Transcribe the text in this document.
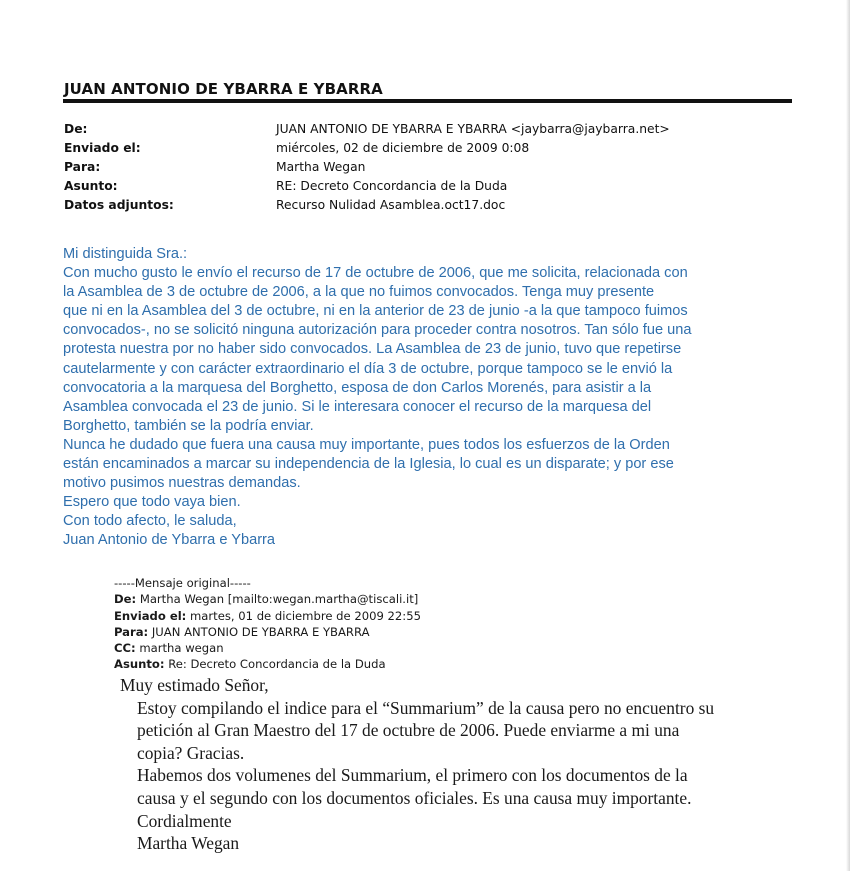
JUAN ANTONIO DE YBARRA E YBARRA
De:	JUAN ANTONIO DE YBARRA E YBARRA <jaybarra@jaybarra.net>
Enviado el:	miércoles, 02 de diciembre de 2009 0:08
Para:	Martha Wegan
Asunto:	RE: Decreto Concordancia de la Duda
Datos adjuntos:	Recurso Nulidad Asamblea.oct17.doc

Mi distinguida Sra.:

Con mucho gusto le envío el recurso de 17 de octubre de 2006, que me solicita, relacionada con

la Asamblea de 3 de octubre de 2006, a la que no fuimos convocados. Tenga muy presente

que ni en la Asamblea del 3 de octubre, ni en la anterior de 23 de junio -a la que tampoco fuimos

convocados-, no se solicitó ninguna autorización para proceder contra nosotros. Tan sólo fue una

protesta nuestra por no haber sido convocados. La Asamblea de 23 de junio, tuvo que repetirse

cautelarmente y con carácter extraordinario el día 3 de octubre, porque tampoco se le envió la

convocatoria a la marquesa del Borghetto, esposa de don Carlos Morenés, para asistir a la

Asamblea convocada el 23 de junio. Si le interesara conocer el recurso de la marquesa del

Borghetto, también se la podría enviar.

Nunca he dudado que fuera una causa muy importante, pues todos los esfuerzos de la Orden

están encaminados a marcar su independencia de la Iglesia, lo cual es un disparate; y por ese

motivo pusimos nuestras demandas.

Espero que todo vaya bien.

Con todo afecto, le saluda,

Juan Antonio de Ybarra e Ybarra

-----Mensaje original-----
De: Martha Wegan [mailto:wegan.martha@tiscali.it]
Enviado el: martes, 01 de diciembre de 2009 22:55
Para: JUAN ANTONIO DE YBARRA E YBARRA
CC: martha wegan
Asunto: Re: Decreto Concordancia de la Duda

Muy estimado Señor,

Estoy compilando el indice para el “Summarium” de la causa pero no encuentro su

petición al Gran Maestro del 17 de octubre de 2006. Puede enviarme a mi una

copia? Gracias.

Habemos dos volumenes del Summarium, el primero con los documentos de la

causa y el segundo con los documentos oficiales. Es una causa muy importante.

Cordialmente

Martha Wegan
